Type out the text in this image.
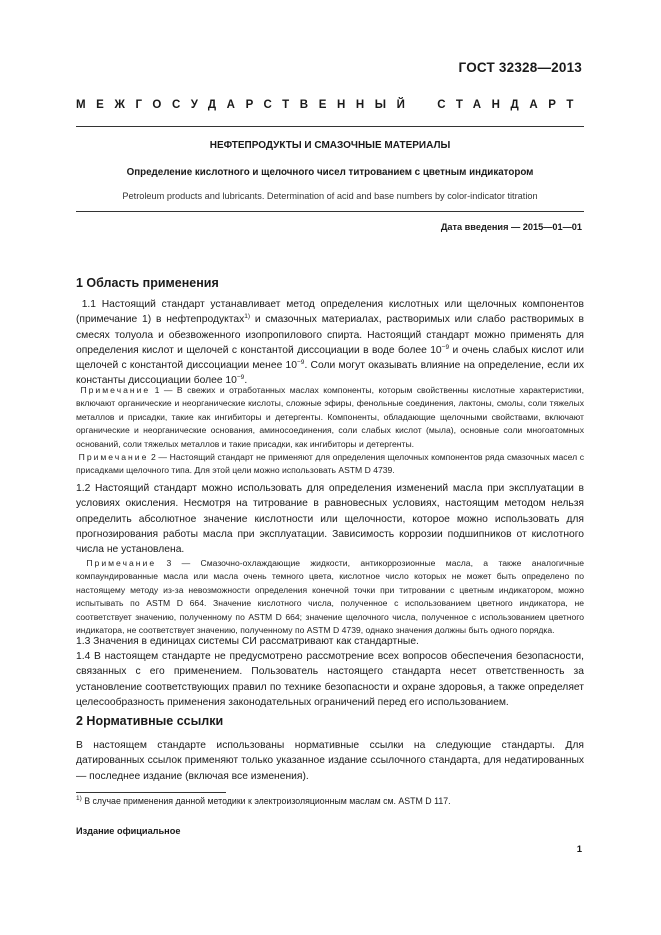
ГОСТ 32328—2013
МЕЖГОСУДАРСТВЕННЫЙ СТАНДАРТ
НЕФТЕПРОДУКТЫ И СМАЗОЧНЫЕ МАТЕРИАЛЫ
Определение кислотного и щелочного чисел титрованием с цветным индикатором
Petroleum products and lubricants. Determination of acid and base numbers by color-indicator titration
Дата введения — 2015—01—01
1 Область применения
1.1 Настоящий стандарт устанавливает метод определения кислотных или щелочных компонентов (примечание 1) в нефтепродуктах$^{1)}$ и смазочных материалах, растворимых или слабо растворимых в смесях толуола и обезвоженного изопропилового спирта. Настоящий стандарт можно применять для определения кислот и щелочей с константой диссоциации в воде более $10^{-9}$ и очень слабых кислот или щелочей с константой диссоциации менее $10^{-9}$. Соли могут оказывать влияние на определение, если их константы диссоциации более $10^{-9}$.
Примечание 1 — В свежих и отработанных маслах компоненты, которым свойственны кислотные характеристики, включают органические и неорганические кислоты, сложные эфиры, фенольные соединения, лактоны, смолы, соли тяжелых металлов и присадки, такие как ингибиторы и детергенты. Компоненты, обладающие щелочными свойствами, включают органические и неорганические основания, аминосоединения, соли слабых кислот (мыла), основные соли многоатомных оснований, соли тяжелых металлов и такие присадки, как ингибиторы и детергенты.
Примечание 2 — Настоящий стандарт не применяют для определения щелочных компонентов ряда смазочных масел с присадками щелочного типа. Для этой цели можно использовать ASTM D 4739.
1.2 Настоящий стандарт можно использовать для определения изменений масла при эксплуатации в условиях окисления. Несмотря на титрование в равновесных условиях, настоящим методом нельзя определить абсолютное значение кислотности или щелочности, которое можно использовать для прогнозирования работы масла при эксплуатации. Зависимость коррозии подшипников от кислотного числа не установлена.
Примечание 3 — Смазочно-охлаждающие жидкости, антикоррозионные масла, а также аналогичные компаундированные масла или масла очень темного цвета, кислотное число которых не может быть определено по настоящему методу из-за невозможности определения конечной точки при титровании с цветным индикатором, можно испытывать по ASTM D 664. Значение кислотного числа, полученное с использованием цветного индикатора, не соответствует значению, полученному по ASTM D 664; значение щелочного числа, полученное с использованием цветного индикатора, не соответствует значению, полученному по ASTM D 4739, однако значения должны быть одного порядка.
1.3 Значения в единицах системы СИ рассматривают как стандартные.
1.4 В настоящем стандарте не предусмотрено рассмотрение всех вопросов обеспечения безопасности, связанных с его применением. Пользователь настоящего стандарта несет ответственность за установление соответствующих правил по технике безопасности и охране здоровья, а также определяет целесообразность применения законодательных ограничений перед его использованием.
2 Нормативные ссылки
В настоящем стандарте использованы нормативные ссылки на следующие стандарты. Для датированных ссылок применяют только указанное издание ссылочного стандарта, для недатированных — последнее издание (включая все изменения).
$^{1)}$ В случае применения данной методики к электроизоляционным маслам см. ASTM D 117.
Издание официальное
1
